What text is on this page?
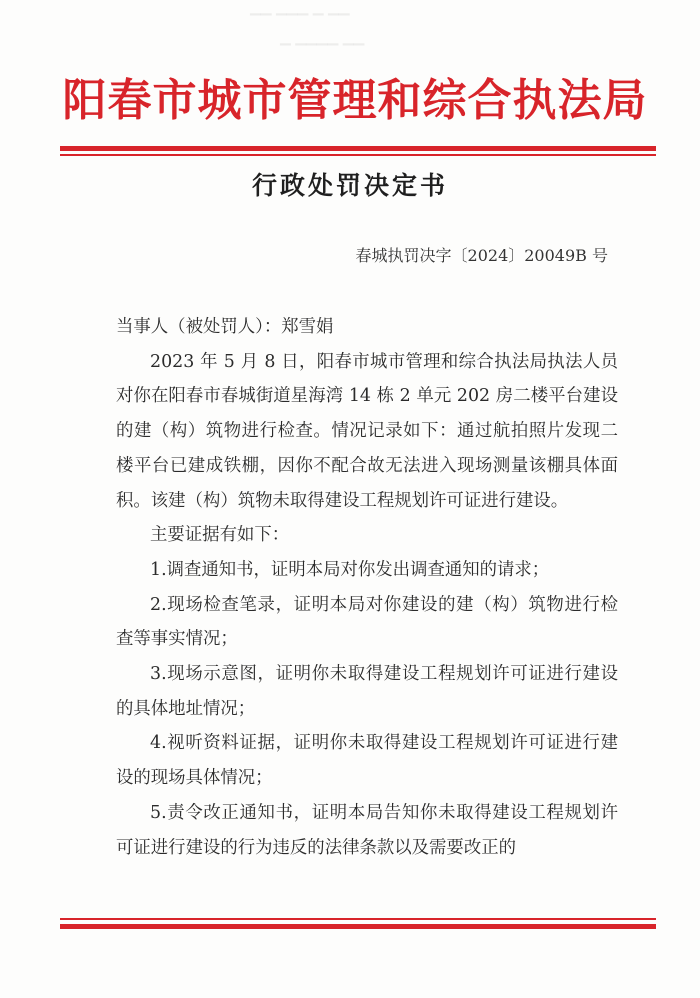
▁▁ ▁▁▁ ▁ ▁▁
▁ ▁▁▁▁ ▁▁
阳春市城市管理和综合执法局
行政处罚决定书
春城执罚决字〔2024〕20049B 号

当事人（被处罚人）：郑雪娟

2023 年 5 月 8 日，阳春市城市管理和综合执法局执法人员对你在阳春市春城街道星海湾 14 栋 2 单元 202 房二楼平台建设的建（构）筑物进行检查。情况记录如下：通过航拍照片发现二楼平台已建成铁棚，因你不配合故无法进入现场测量该棚具体面积。该建（构）筑物未取得建设工程规划许可证进行建设。

主要证据有如下：

1.调查通知书，证明本局对你发出调查通知的请求；

2.现场检查笔录，证明本局对你建设的建（构）筑物进行检查等事实情况；

3.现场示意图，证明你未取得建设工程规划许可证进行建设的具体地址情况；

4.视听资料证据，证明你未取得建设工程规划许可证进行建设的现场具体情况；

5.责令改正通知书，证明本局告知你未取得建设工程规划许可证进行建设的行为违反的法律条款以及需要改正的
